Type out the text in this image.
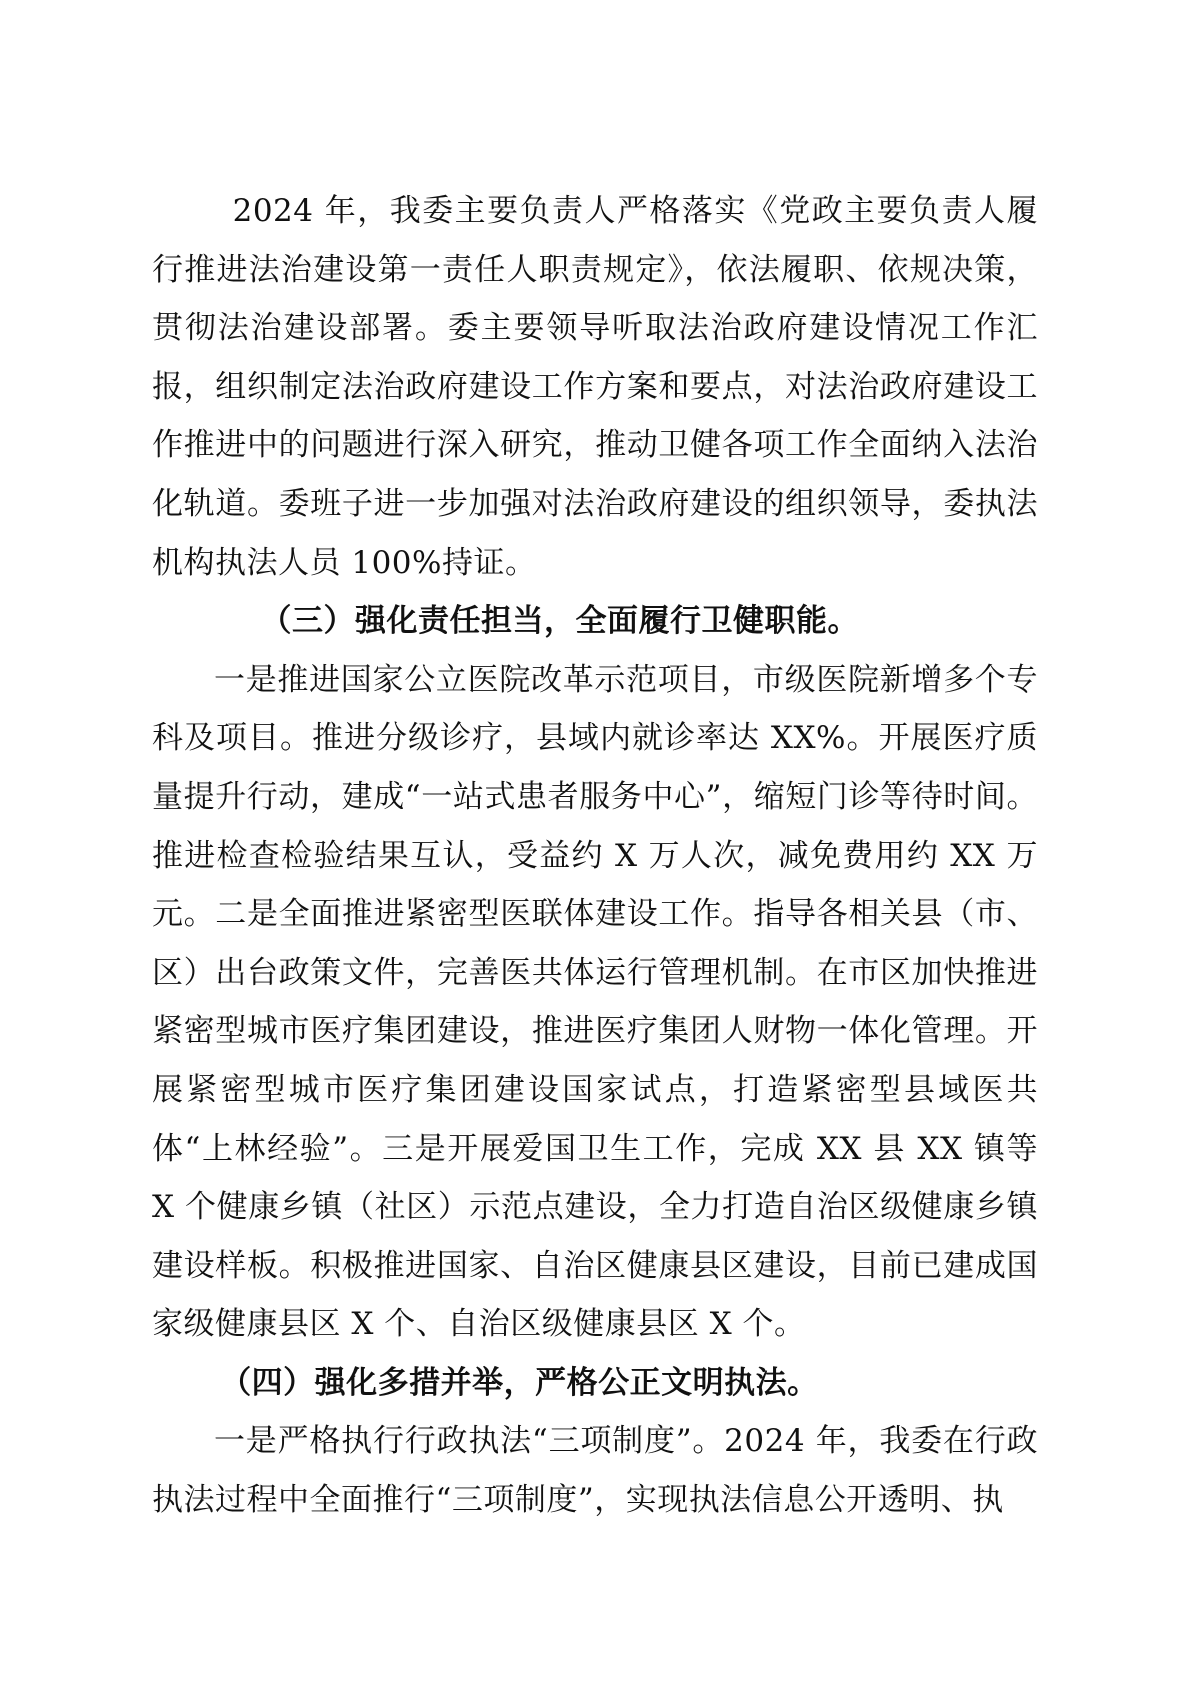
2024 年，我委主要负责人严格落实《党政主要负责人履行推进法治建设第一责任人职责规定》，依法履职、依规决策，贯彻法治建设部署。委主要领导听取法治政府建设情况工作汇报，组织制定法治政府建设工作方案和要点，对法治政府建设工作推进中的问题进行深入研究，推动卫健各项工作全面纳入法治化轨道。委班子进一步加强对法治政府建设的组织领导，委执法机构执法人员 100%持证。

（三）强化责任担当，全面履行卫健职能。

一是推进国家公立医院改革示范项目，市级医院新增多个专科及项目。推进分级诊疗，县域内就诊率达 XX%。开展医疗质量提升行动，建成“一站式患者服务中心”，缩短门诊等待时间。推进检查检验结果互认，受益约 X 万人次，减免费用约 XX 万元。二是全面推进紧密型医联体建设工作。指导各相关县（市、区）出台政策文件，完善医共体运行管理机制。在市区加快推进紧密型城市医疗集团建设，推进医疗集团人财物一体化管理。开展紧密型城市医疗集团建设国家试点，打造紧密型县域医共体“上林经验”。三是开展爱国卫生工作，完成 XX 县 XX 镇等 X 个健康乡镇（社区）示范点建设，全力打造自治区级健康乡镇建设样板。积极推进国家、自治区健康县区建设，目前已建成国家级健康县区 X 个、自治区级健康县区 X 个。

（四）强化多措并举，严格公正文明执法。

一是严格执行行政执法“三项制度”。2024 年，我委在行政执法过程中全面推行“三项制度”，实现执法信息公开透明、执
